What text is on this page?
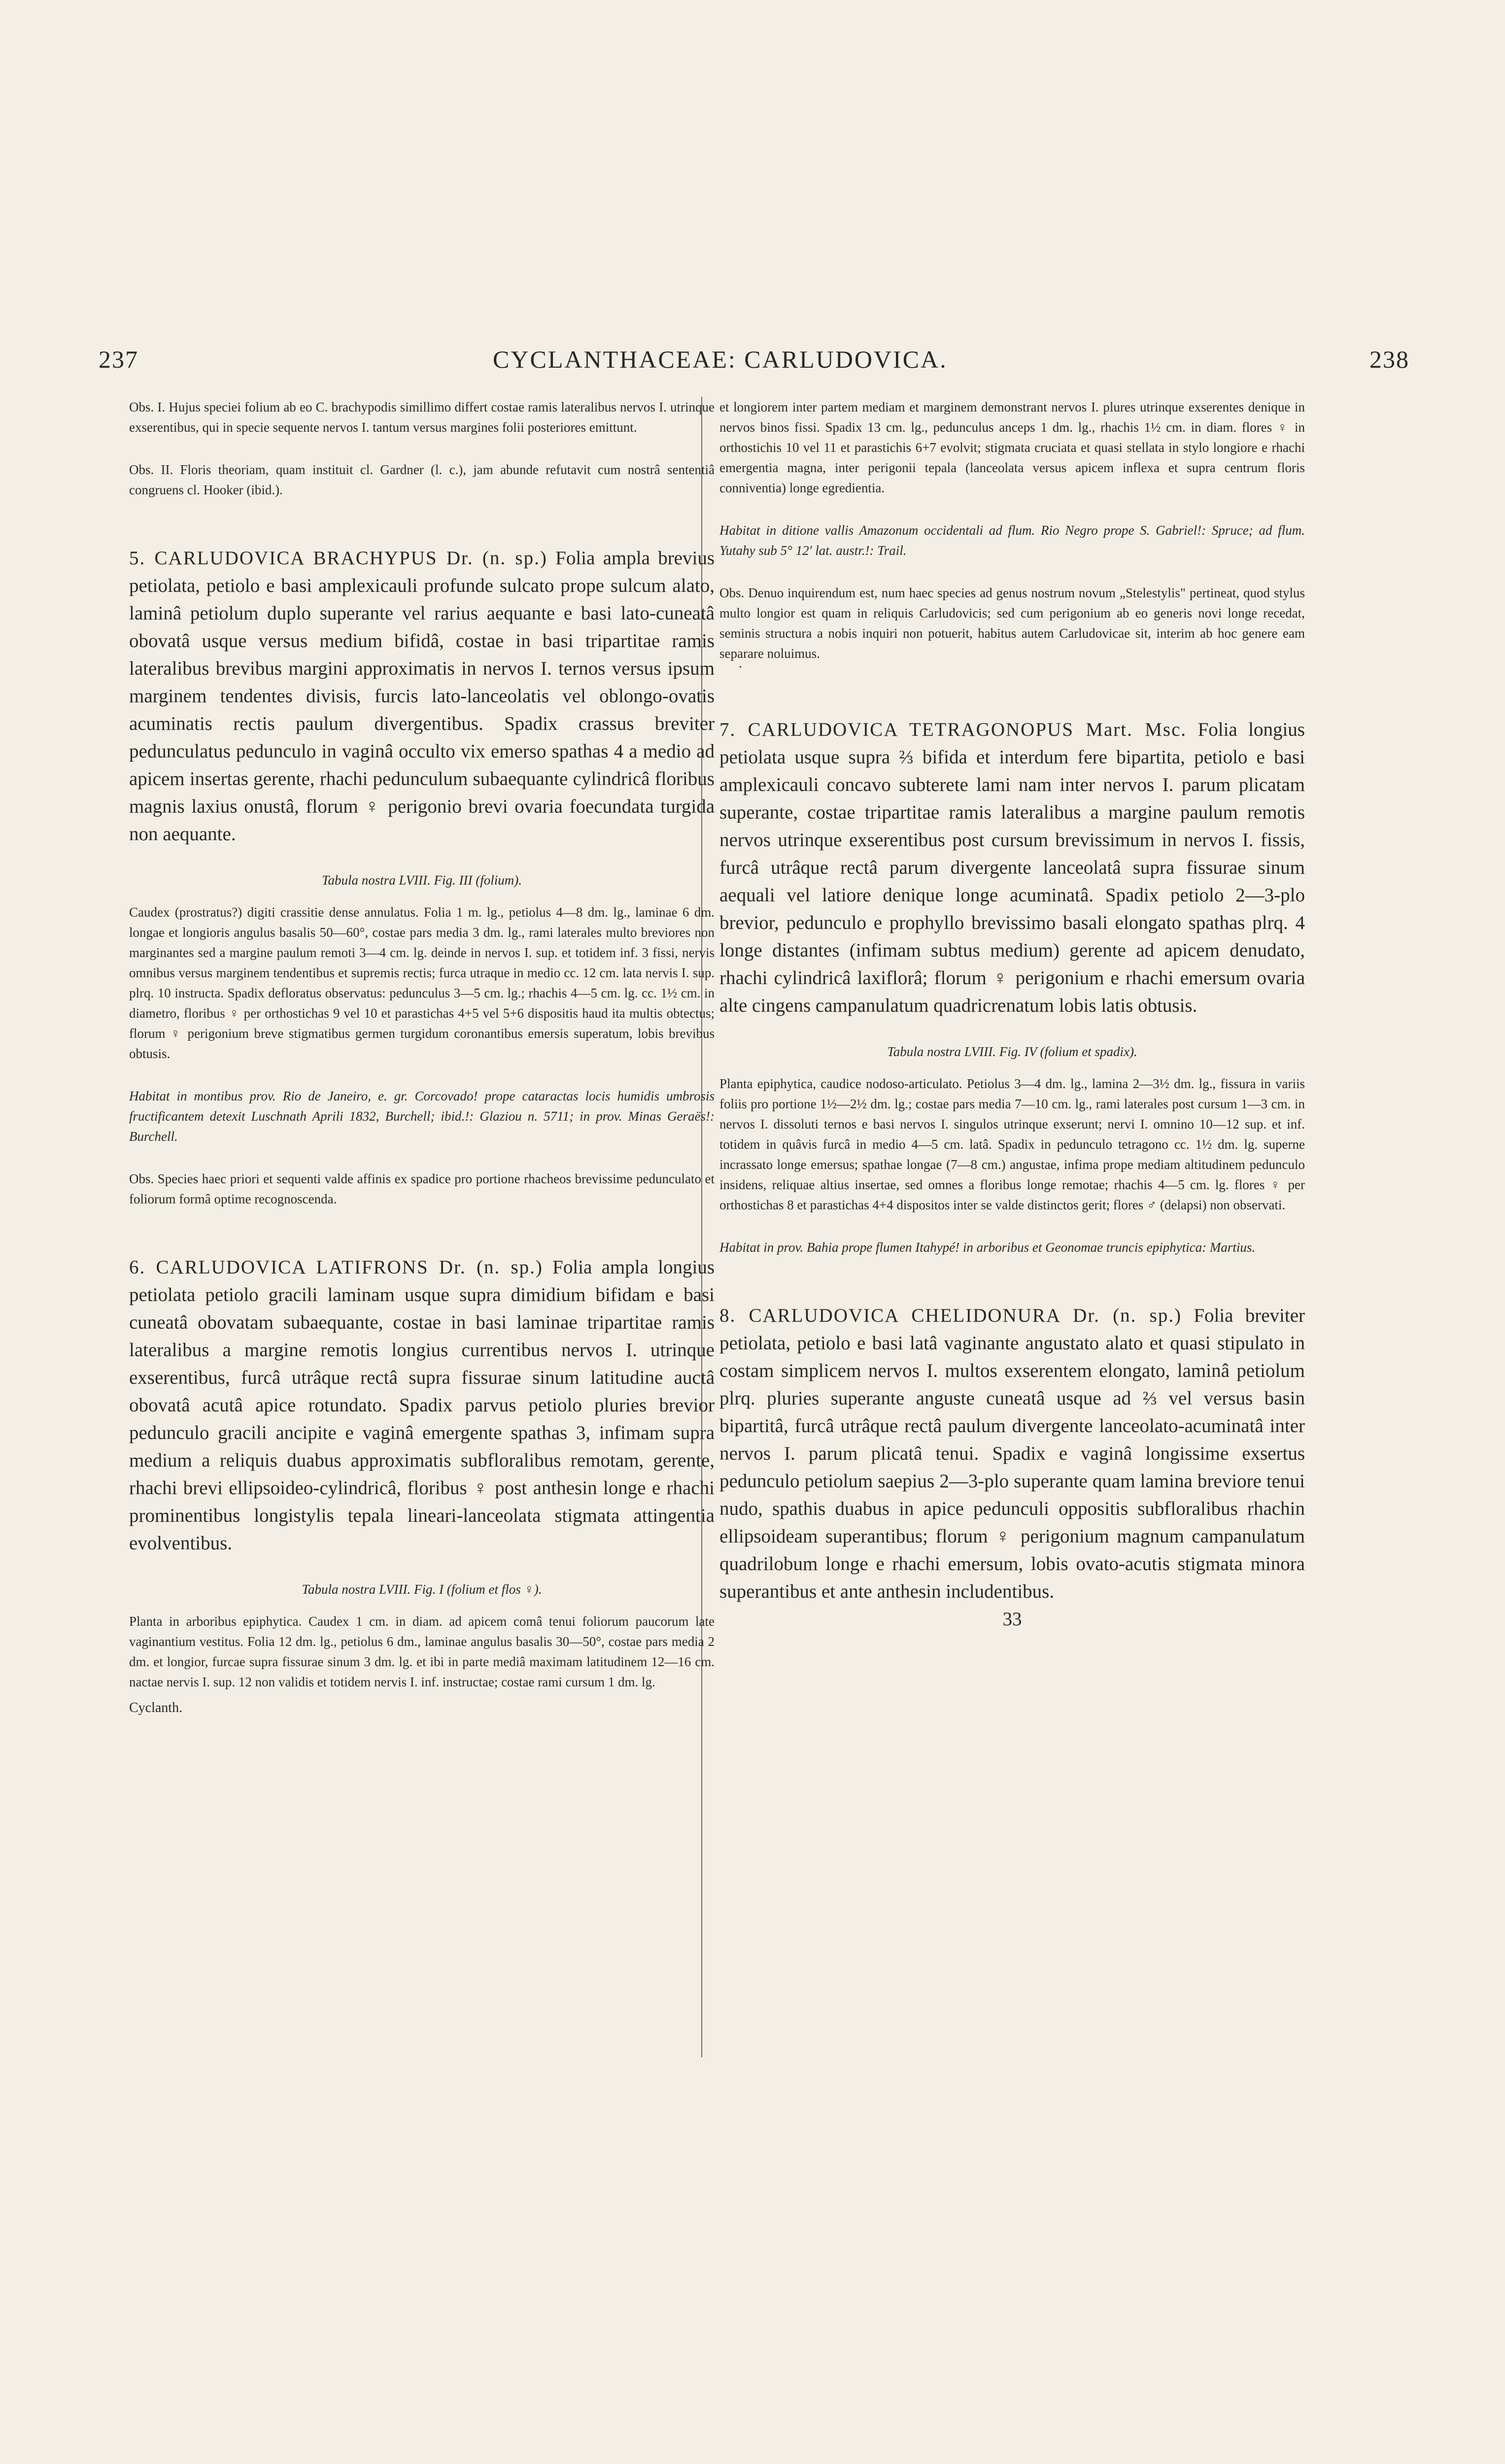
237	CYCLANTHACEAE: CARLUDOVICA.	238

Obs. I. Hujus speciei folium ab eo C. brachypodis simillimo differt costae ramis lateralibus nervos I. utrinque exserentibus, qui in specie sequente nervos I. tantum versus margines folii posteriores emittunt.

Obs. II. Floris theoriam, quam instituit cl. Gardner (l. c.), jam abunde refutavit cum nostrâ sententiâ congruens cl. Hooker (ibid.).

5. CARLUDOVICA BRACHYPUS Dr. (n. sp.) Folia ampla brevius petiolata, petiolo e basi amplexicauli profunde sulcato prope sulcum alato, laminâ petiolum duplo superante vel rarius aequante e basi lato-cuneatâ obovatâ usque versus medium bifidâ, costae in basi tripartitae ramis lateralibus brevibus margini approximatis in nervos I. ternos versus ipsum marginem tendentes divisis, furcis lato-lanceolatis vel oblongo-ovatis acuminatis rectis paulum divergentibus. Spadix crassus breviter pedunculatus pedunculo in vaginâ occulto vix emerso spathas 4 a medio ad apicem insertas gerente, rhachi pedunculum subaequante cylindricâ floribus magnis laxius onustâ, florum ♀ perigonio brevi ovaria foecundata turgida non aequante.

Tabula nostra LVIII. Fig. III (folium).

Caudex (prostratus?) digiti crassitie dense annulatus. Folia 1 m. lg., petiolus 4—8 dm. lg., laminae 6 dm. longae et longioris angulus basalis 50—60°, costae pars media 3 dm. lg., rami laterales multo breviores non marginantes sed a margine paulum remoti 3—4 cm. lg. deinde in nervos I. sup. et totidem inf. 3 fissi, nervis omnibus versus marginem tendentibus et supremis rectis; furca utraque in medio cc. 12 cm. lata nervis I. sup. plrq. 10 instructa. Spadix defloratus observatus: pedunculus 3—5 cm. lg.; rhachis 4—5 cm. lg. cc. 1½ cm. in diametro, floribus ♀ per orthostichas 9 vel 10 et parastichas 4+5 vel 5+6 dispositis haud ita multis obtectus; florum ♀ perigonium breve stigmatibus germen turgidum coronantibus emersis superatum, lobis brevibus obtusis.

Habitat in montibus prov. Rio de Janeiro, e. gr. Corcovado! prope cataractas locis humidis umbrosis fructificantem detexit Luschnath Aprili 1832, Burchell; ibid.!: Glaziou n. 5711; in prov. Minas Geraës!: Burchell.

Obs. Species haec priori et sequenti valde affinis ex spadice pro portione rhacheos brevissime pedunculato et foliorum formâ optime recognoscenda.

6. CARLUDOVICA LATIFRONS Dr. (n. sp.) Folia ampla longius petiolata petiolo gracili laminam usque supra dimidium bifidam e basi cuneatâ obovatam subaequante, costae in basi laminae tripartitae ramis lateralibus a margine remotis longius currentibus nervos I. utrinque exserentibus, furcâ utrâque rectâ supra fissurae sinum latitudine auctâ obovatâ acutâ apice rotundato. Spadix parvus petiolo pluries brevior pedunculo gracili ancipite e vaginâ emergente spathas 3, infimam supra medium a reliquis duabus approximatis subfloralibus remotam, gerente, rhachi brevi ellipsoideo-cylindricâ, floribus ♀ post anthesin longe e rhachi prominentibus longistylis tepala lineari-lanceolata stigmata attingentia evolventibus.

Tabula nostra LVIII. Fig. I (folium et flos ♀).

Planta in arboribus epiphytica. Caudex 1 cm. in diam. ad apicem comâ tenui foliorum paucorum late vaginantium vestitus. Folia 12 dm. lg., petiolus 6 dm., laminae angulus basalis 30—50°, costae pars media 2 dm. et longior, furcae supra fissurae sinum 3 dm. lg. et ibi in parte mediâ maximam latitudinem 12—16 cm. nactae nervis I. sup. 12 non validis et totidem nervis I. inf. instructae; costae rami cursum 1 dm. lg.

Cyclanth.

et longiorem inter partem mediam et marginem demonstrant nervos I. plures utrinque exserentes denique in nervos binos fissi. Spadix 13 cm. lg., pedunculus anceps 1 dm. lg., rhachis 1½ cm. in diam. flores ♀ in orthostichis 10 vel 11 et parastichis 6+7 evolvit; stigmata cruciata et quasi stellata in stylo longiore e rhachi emergentia magna, inter perigonii tepala (lanceolata versus apicem inflexa et supra centrum floris conniventia) longe egredientia.

Habitat in ditione vallis Amazonum occidentali ad flum. Rio Negro prope S. Gabriel!: Spruce; ad flum. Yutahy sub 5° 12′ lat. austr.!: Trail.

Obs. Denuo inquirendum est, num haec species ad genus nostrum novum „Stelestylis" pertineat, quod stylus multo longior est quam in reliquis Carludovicis; sed cum perigonium ab eo generis novi longe recedat, seminis structura a nobis inquiri non potuerit, habitus autem Carludovicae sit, interim ab hoc genere eam separare noluimus.

•

7. CARLUDOVICA TETRAGONOPUS Mart. Msc. Folia longius petiolata usque supra ⅔ bifida et interdum fere bipartita, petiolo e basi amplexicauli concavo subterete lami nam inter nervos I. parum plicatam superante, costae tripartitae ramis lateralibus a margine paulum remotis nervos utrinque exserentibus post cursum brevissimum in nervos I. fissis, furcâ utrâque rectâ parum divergente lanceolatâ supra fissurae sinum aequali vel latiore denique longe acuminatâ. Spadix petiolo 2—3-plo brevior, pedunculo e prophyllo brevissimo basali elongato spathas plrq. 4 longe distantes (infimam subtus medium) gerente ad apicem denudato, rhachi cylindricâ laxiflorâ; florum ♀ perigonium e rhachi emersum ovaria alte cingens campanulatum quadricrenatum lobis latis obtusis.

Tabula nostra LVIII. Fig. IV (folium et spadix).

Planta epiphytica, caudice nodoso-articulato. Petiolus 3—4 dm. lg., lamina 2—3½ dm. lg., fissura in variis foliis pro portione 1½—2½ dm. lg.; costae pars media 7—10 cm. lg., rami laterales post cursum 1—3 cm. in nervos I. dissoluti ternos e basi nervos I. singulos utrinque exserunt; nervi I. omnino 10—12 sup. et inf. totidem in quâvis furcâ in medio 4—5 cm. latâ. Spadix in pedunculo tetragono cc. 1½ dm. lg. superne incrassato longe emersus; spathae longae (7—8 cm.) angustae, infima prope mediam altitudinem pedunculo insidens, reliquae altius insertae, sed omnes a floribus longe remotae; rhachis 4—5 cm. lg. flores ♀ per orthostichas 8 et parastichas 4+4 dispositos inter se valde distinctos gerit; flores ♂ (delapsi) non observati.

Habitat in prov. Bahia prope flumen Itahypé! in arboribus et Geonomae truncis epiphytica: Martius.

8. CARLUDOVICA CHELIDONURA Dr. (n. sp.) Folia breviter petiolata, petiolo e basi latâ vaginante angustato alato et quasi stipulato in costam simplicem nervos I. multos exserentem elongato, laminâ petiolum plrq. pluries superante anguste cuneatâ usque ad ⅔ vel versus basin bipartitâ, furcâ utrâque rectâ paulum divergente lanceolato-acuminatâ inter nervos I. parum plicatâ tenui. Spadix e vaginâ longissime exsertus pedunculo petiolum saepius 2—3-plo superante quam lamina breviore tenui nudo, spathis duabus in apice pedunculi oppositis subfloralibus rhachin ellipsoideam superantibus; florum ♀ perigonium magnum campanulatum quadrilobum longe e rhachi emersum, lobis ovato-acutis stigmata minora superantibus et ante anthesin includentibus.

33
